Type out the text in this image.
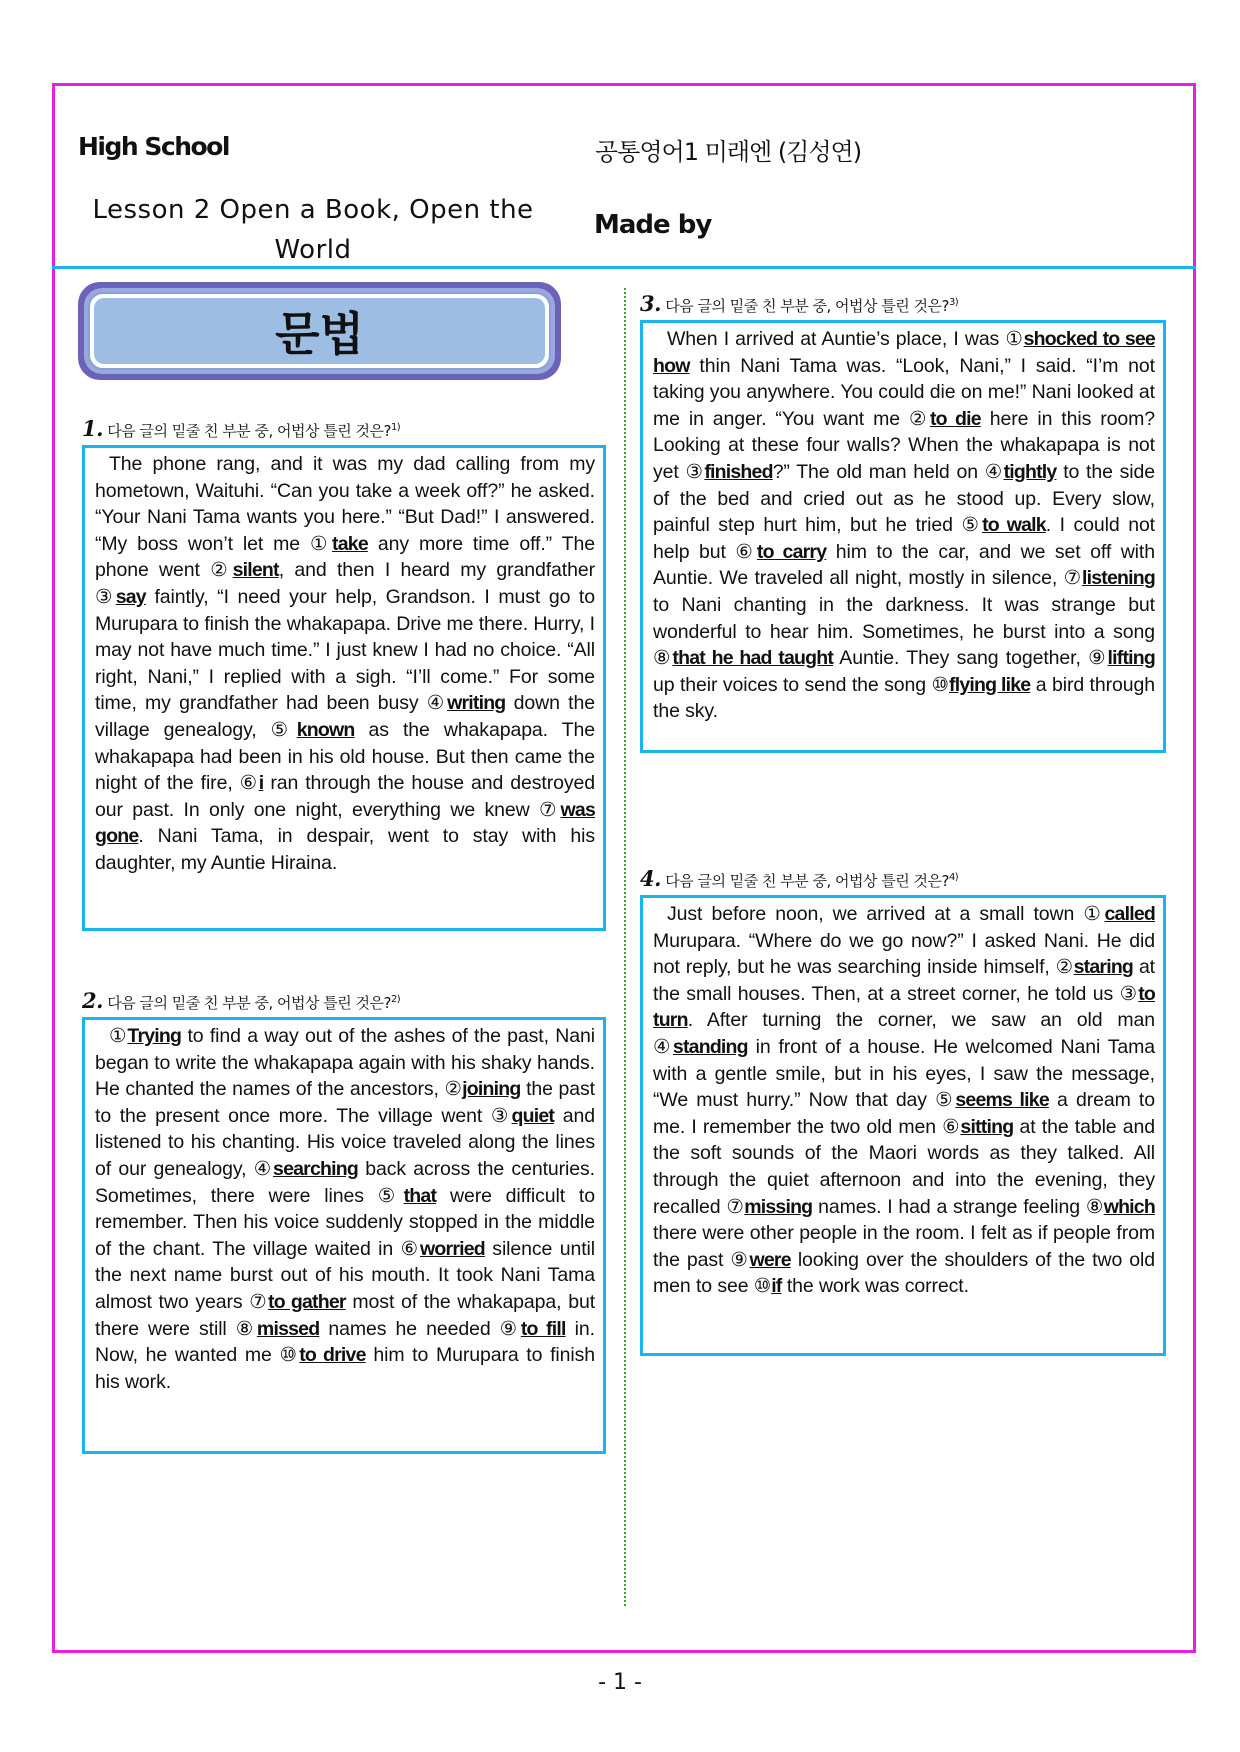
High School	공통영어1 미래엔 (김성연)
Lesson 2 Open a Book, Open the World
Made by
문법
1. 다음 글의 밑줄 친 부분 중, 어법상 틀린 것은?$^{1)}$
The phone rang, and it was my dad calling from my hometown, Waituhi. “Can you take a week off?” he asked. “Your Nani Tama wants you here.” “But Dad!” I answered. “My boss won’t let me ①take any more time off.” The phone went ②silent, and then I heard my grandfather ③say faintly, “I need your help, Grandson. I must go to Murupara to finish the whakapapa. Drive me there. Hurry, I may not have much time.” I just knew I had no choice. “All right, Nani,” I replied with a sigh. “I’ll come.” For some time, my grandfather had been busy ④writing down the village genealogy, ⑤known as the whakapapa. The whakapapa had been in his old house. But then came the night of the fire, ⑥i ran through the house and destroyed our past. In only one night, everything we knew ⑦was gone. Nani Tama, in despair, went to stay with his daughter, my Auntie Hiraina.
2. 다음 글의 밑줄 친 부분 중, 어법상 틀린 것은?$^{2)}$
①Trying to find a way out of the ashes of the past, Nani began to write the whakapapa again with his shaky hands. He chanted the names of the ancestors, ②joining the past to the present once more. The village went ③quiet and listened to his chanting. His voice traveled along the lines of our genealogy, ④searching back across the centuries. Sometimes, there were lines ⑤that were difficult to remember. Then his voice suddenly stopped in the middle of the chant. The village waited in ⑥worried silence until the next name burst out of his mouth. It took Nani Tama almost two years ⑦to gather most of the whakapapa, but there were still ⑧missed names he needed ⑨to fill in. Now, he wanted me ⑩to drive him to Murupara to finish his work.
3. 다음 글의 밑줄 친 부분 중, 어법상 틀린 것은?$^{3)}$
When I arrived at Auntie’s place, I was ①shocked to see how thin Nani Tama was. “Look, Nani,” I said. “I’m not taking you anywhere. You could die on me!” Nani looked at me in anger. “You want me ②to die here in this room? Looking at these four walls? When the whakapapa is not yet ③finished?” The old man held on ④tightly to the side of the bed and cried out as he stood up. Every slow, painful step hurt him, but he tried ⑤to walk. I could not help but ⑥to carry him to the car, and we set off with Auntie. We traveled all night, mostly in silence, ⑦listening to Nani chanting in the darkness. It was strange but wonderful to hear him. Sometimes, he burst into a song ⑧that he had taught Auntie. They sang together, ⑨lifting up their voices to send the song ⑩flying like a bird through the sky.
4. 다음 글의 밑줄 친 부분 중, 어법상 틀린 것은?$^{4)}$
Just before noon, we arrived at a small town ①called Murupara. “Where do we go now?” I asked Nani. He did not reply, but he was searching inside himself, ②staring at the small houses. Then, at a street corner, he told us ③to turn. After turning the corner, we saw an old man ④standing in front of a house. He welcomed Nani Tama with a gentle smile, but in his eyes, I saw the message, “We must hurry.” Now that day ⑤seems like a dream to me. I remember the two old men ⑥sitting at the table and the soft sounds of the Maori words as they talked. All through the quiet afternoon and into the evening, they recalled ⑦missing names. I had a strange feeling ⑧which there were other people in the room. I felt as if people from the past ⑨were looking over the shoulders of the two old men to see ⑩if the work was correct.
- 1 -
